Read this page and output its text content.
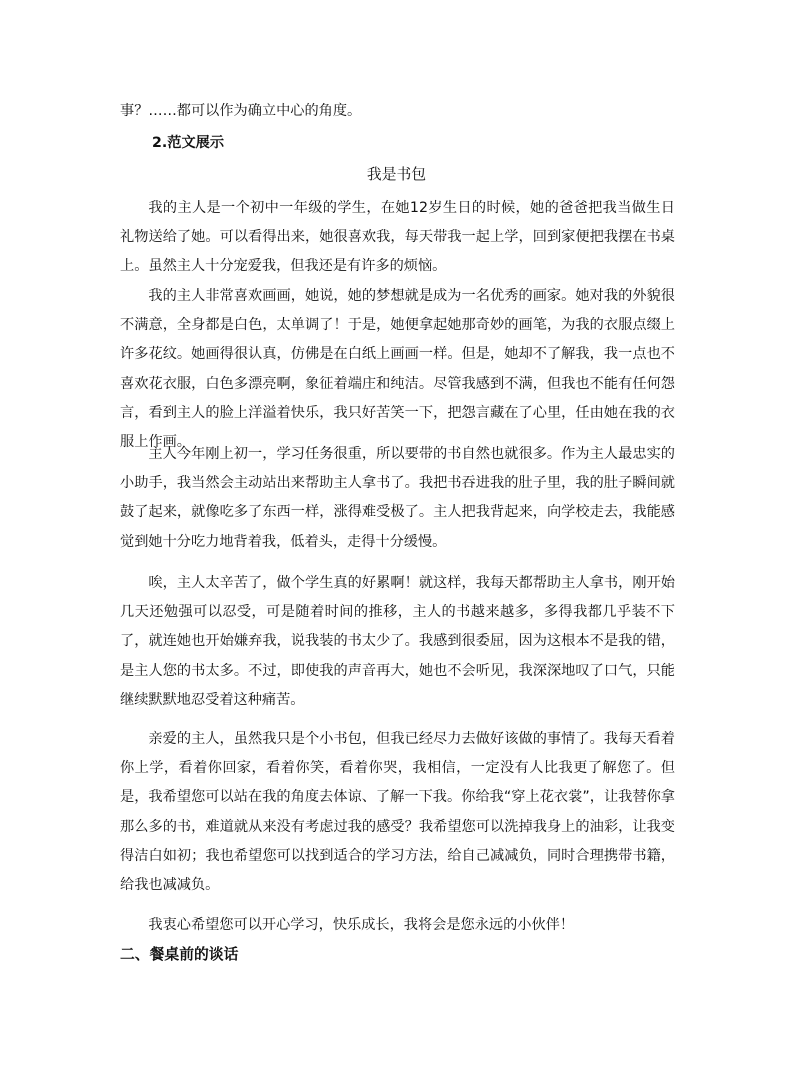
事？……都可以作为确立中心的角度。
2.范文展示
我是书包

我的主人是一个初中一年级的学生，在她12岁生日的时候，她的爸爸把我当做生日礼物送给了她。可以看得出来，她很喜欢我，每天带我一起上学，回到家便把我摆在书桌上。虽然主人十分宠爱我，但我还是有许多的烦恼。

我的主人非常喜欢画画，她说，她的梦想就是成为一名优秀的画家。她对我的外貌很不满意，全身都是白色，太单调了！于是，她便拿起她那奇妙的画笔，为我的衣服点缀上许多花纹。她画得很认真，仿佛是在白纸上画画一样。但是，她却不了解我，我一点也不喜欢花衣服，白色多漂亮啊，象征着端庄和纯洁。尽管我感到不满，但我也不能有任何怨言，看到主人的脸上洋溢着快乐，我只好苦笑一下，把怨言藏在了心里，任由她在我的衣服上作画。

主人今年刚上初一，学习任务很重，所以要带的书自然也就很多。作为主人最忠实的小助手，我当然会主动站出来帮助主人拿书了。我把书吞进我的肚子里，我的肚子瞬间就鼓了起来，就像吃多了东西一样，涨得难受极了。主人把我背起来，向学校走去，我能感觉到她十分吃力地背着我，低着头，走得十分缓慢。

唉，主人太辛苦了，做个学生真的好累啊！就这样，我每天都帮助主人拿书，刚开始几天还勉强可以忍受，可是随着时间的推移，主人的书越来越多，多得我都几乎装不下了，就连她也开始嫌弃我，说我装的书太少了。我感到很委屈，因为这根本不是我的错，是主人您的书太多。不过，即使我的声音再大，她也不会听见，我深深地叹了口气，只能继续默默地忍受着这种痛苦。

亲爱的主人，虽然我只是个小书包，但我已经尽力去做好该做的事情了。我每天看着你上学，看着你回家，看着你笑，看着你哭，我相信，一定没有人比我更了解您了。但是，我希望您可以站在我的角度去体谅、了解一下我。你给我“穿上花衣裳”，让我替你拿那么多的书，难道就从来没有考虑过我的感受？我希望您可以洗掉我身上的油彩，让我变得洁白如初；我也希望您可以找到适合的学习方法，给自己减减负，同时合理携带书籍，给我也减减负。

我衷心希望您可以开心学习，快乐成长，我将会是您永远的小伙伴！

二、餐桌前的谈话
